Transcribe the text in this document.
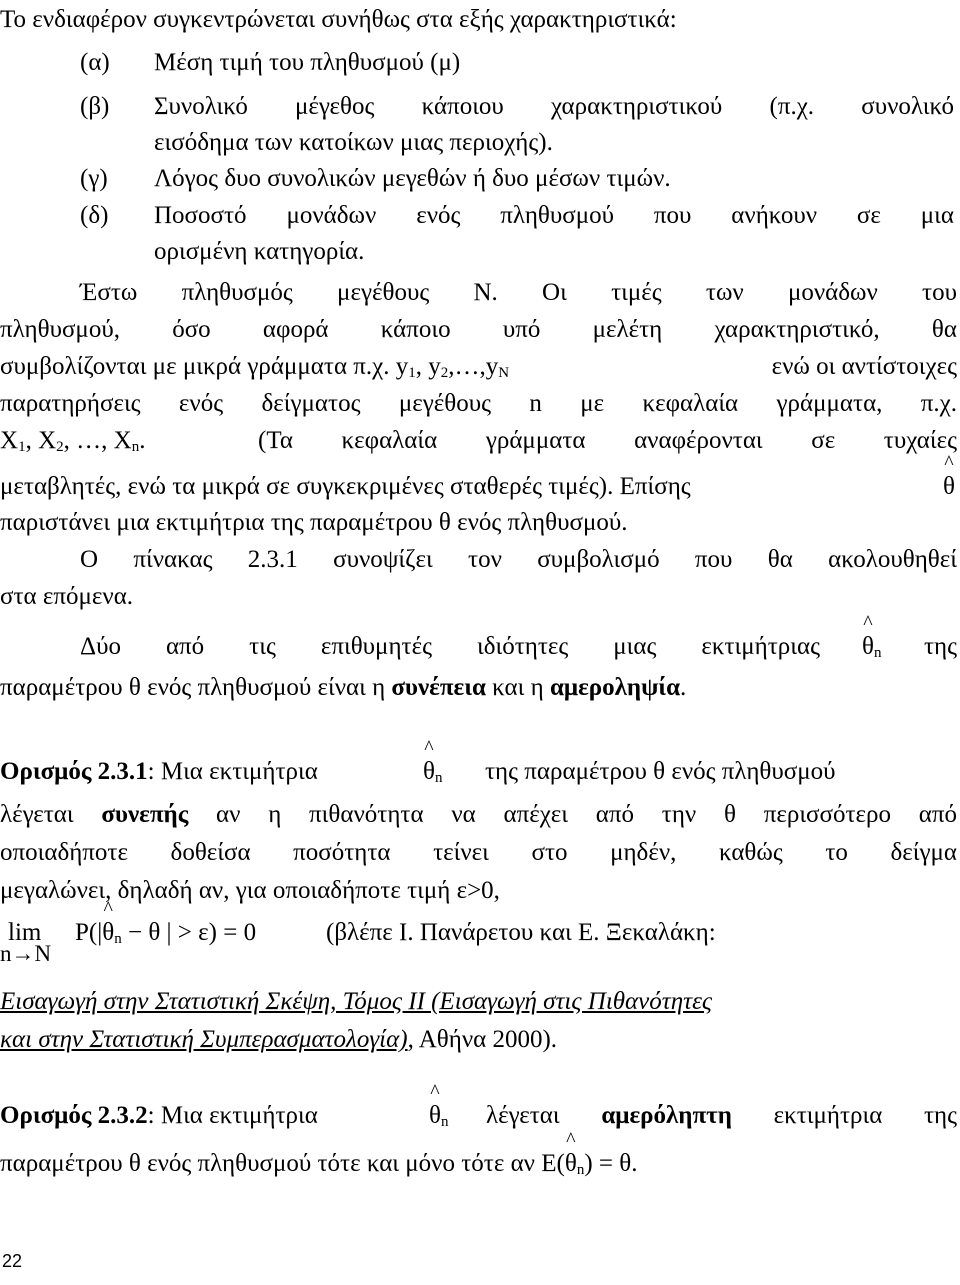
Το ενδιαφέρον συγκεντρώνεται συνήθως στα εξής χαρακτηριστικά:
(α) Μέση τιμή του πληθυσμού (μ)
(β) Συνολικό μέγεθος κάποιου χαρακτηριστικού (π.χ. συνολικό
εισόδημα των κατοίκων μιας περιοχής).
(γ) Λόγος δυο συνολικών μεγεθών ή δυο μέσων τιμών.
(δ) Ποσοστό μονάδων ενός πληθυσμού που ανήκουν σε μια
ορισμένη κατηγορία.
Έστω πληθυσμός μεγέθους Ν. Οι τιμές των μονάδων του
πληθυσμού, όσο αφορά κάποιο υπό μελέτη χαρακτηριστικό, θα
συμβολίζονται με μικρά γράμματα π.χ. $y_1$, $y_2,\dots,y_N$	ενώ οι αντίστοιχες
παρατηρήσεις ενός δείγματος μεγέθους n με κεφαλαία γράμματα, π.χ.
$X_1$, $X_2$, …, $X_n$.	(Τα κεφαλαία γράμματα αναφέρονται σε τυχαίες
μεταβλητές, ενώ τα μικρά σε συγκεκριμένες σταθερές τιμές). Επίσης	^ θ
παριστάνει μια εκτιμήτρια της παραμέτρου θ ενός πληθυσμού.
Ο πίνακας 2.3.1 συνοψίζει τον συμβολισμό που θα ακολουθηθεί
στα επόμενα.
Δύο από τις επιθυμητές ιδιότητες μιας εκτιμήτριας ^ $\theta_n$ της
παραμέτρου θ ενός πληθυσμού είναι η συνέπεια και η αμεροληψία.
Ορισμός 2.3.1: Μια εκτιμήτρια	^ $\theta_n$ της παραμέτρου θ ενός πληθυσμού
λέγεται συνεπής αν η πιθανότητα να απέχει από την θ περισσότερο από
οποιαδήποτε δοθείσα ποσότητα τείνει στο μηδέν, καθώς το δείγμα
μεγαλώνει, δηλαδή αν, για οποιαδήποτε τιμή ε>0,
lim
n→N
P(|^ $\theta_n - \theta$ | > ε) = 0	(βλέπε Ι. Πανάρετου και Ε. Ξεκαλάκη:
Εισαγωγή στην Στατιστική Σκέψη, Τόμος ΙΙ (Εισαγωγή στις Πιθανότητες
και στην Στατιστική Συμπερασματολογία), Αθήνα 2000).
Ορισμός 2.3.2: Μια εκτιμήτρια	^ $\theta_n$ λέγεται αμερόληπτη εκτιμήτρια της
παραμέτρου θ ενός πληθυσμού τότε και μόνο τότε αν Ε(^ $\theta_n) = \theta$.
22
